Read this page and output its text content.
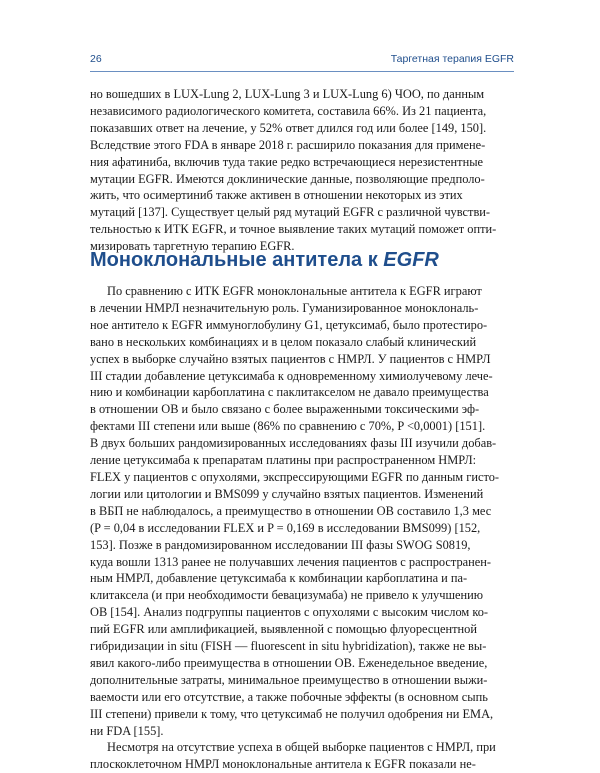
26	Таргетная терапия EGFR

но вошедших в LUX-Lung 2, LUX-Lung 3 и LUX-Lung 6) ЧОО, по данным
независимого радиологического комитета, составила 66%. Из 21 пациента,
показавших ответ на лечение, у 52% ответ длился год или более [149, 150].
Вследствие этого FDA в январе 2018 г. расширило показания для примене-
ния афатиниба, включив туда такие редко встречающиеся нерезистентные
мутации EGFR. Имеются доклинические данные, позволяющие предполо-
жить, что осимертиниб также активен в отношении некоторых из этих
мутаций [137]. Существует целый ряд мутаций EGFR с различной чувстви-
тельностью к ИТК EGFR, и точное выявление таких мутаций поможет опти-
мизировать таргетную терапию EGFR.

Моноклональные антитела к EGFR

По сравнению с ИТК EGFR моноклональные антитела к EGFR играют
в лечении НМРЛ незначительную роль. Гуманизированное моноклональ-
ное антитело к EGFR иммуноглобулину G1, цетуксимаб, было протестиро-
вано в нескольких комбинациях и в целом показало слабый клинический
успех в выборке случайно взятых пациентов с НМРЛ. У пациентов с НМРЛ
III стадии добавление цетуксимаба к одновременному химиолучевому лече-
нию и комбинации карбоплатина с паклитакселом не давало преимущества
в отношении OB и было связано с более выраженными токсическими эф-
фектами III степени или выше (86% по сравнению с 70%, P <0,0001) [151].
В двух больших рандомизированных исследованиях фазы III изучили добав-
ление цетуксимаба к препаратам платины при распространенном НМРЛ:
FLEX у пациентов с опухолями, экспрессирующими EGFR по данным гисто-
логии или цитологии и BMS099 у случайно взятых пациентов. Изменений
в ВБП не наблюдалось, а преимущество в отношении ОВ составило 1,3 мес
(P = 0,04 в исследовании FLEX и P = 0,169 в исследовании BMS099) [152,
153]. Позже в рандомизированном исследовании III фазы SWOG S0819,
куда вошли 1313 ранее не получавших лечения пациентов с распространен-
ным НМРЛ, добавление цетуксимаба к комбинации карбоплатина и па-
клитаксела (и при необходимости бевацизумаба) не привело к улучшению
ОВ [154]. Анализ подгруппы пациентов с опухолями с высоким числом ко-
пий EGFR или амплификацией, выявленной с помощью флуоресцентной
гибридизации in situ (FISH — fluorescent in situ hybridization), также не вы-
явил какого-либо преимущества в отношении ОВ. Еженедельное введение,
дополнительные затраты, минимальное преимущество в отношении выжи-
ваемости или его отсутствие, а также побочные эффекты (в основном сыпь
III степени) привели к тому, что цетуксимаб не получил одобрения ни EMA,
ни FDA [155].

Несмотря на отсутствие успеха в общей выборке пациентов с НМРЛ, при
плоскоклеточном НМРЛ моноклональные антитела к EGFR показали не-
